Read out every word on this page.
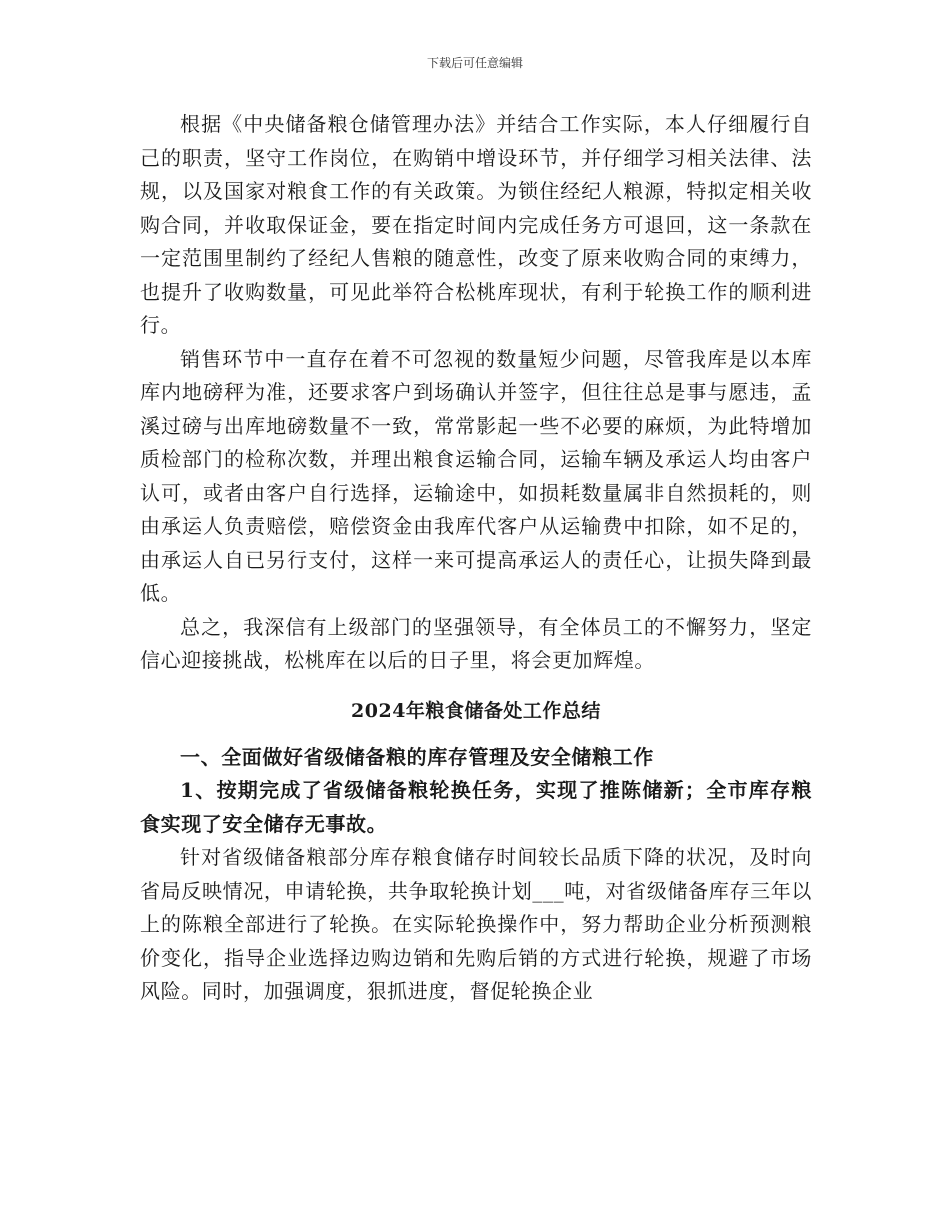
下载后可任意编辑

根据《中央储备粮仓储管理办法》并结合工作实际，本人仔细履行自己的职责，坚守工作岗位，在购销中增设环节，并仔细学习相关法律、法规，以及国家对粮食工作的有关政策。为锁住经纪人粮源，特拟定相关收购合同，并收取保证金，要在指定时间内完成任务方可退回，这一条款在一定范围里制约了经纪人售粮的随意性，改变了原来收购合同的束缚力，也提升了收购数量，可见此举符合松桃库现状，有利于轮换工作的顺利进行。

销售环节中一直存在着不可忽视的数量短少问题，尽管我库是以本库库内地磅秤为准，还要求客户到场确认并签字，但往往总是事与愿违，孟溪过磅与出库地磅数量不一致，常常影起一些不必要的麻烦，为此特增加质检部门的检称次数，并理出粮食运输合同，运输车辆及承运人均由客户认可，或者由客户自行选择，运输途中，如损耗数量属非自然损耗的，则由承运人负责赔偿，赔偿资金由我库代客户从运输费中扣除，如不足的，由承运人自已另行支付，这样一来可提高承运人的责任心，让损失降到最低。

总之，我深信有上级部门的坚强领导，有全体员工的不懈努力，坚定信心迎接挑战，松桃库在以后的日子里，将会更加辉煌。

2024年粮食储备处工作总结

一、全面做好省级储备粮的库存管理及安全储粮工作

1、按期完成了省级储备粮轮换任务，实现了推陈储新；全市库存粮食实现了安全储存无事故。

针对省级储备粮部分库存粮食储存时间较长品质下降的状况，及时向省局反映情况，申请轮换，共争取轮换计划___吨，对省级储备库存三年以上的陈粮全部进行了轮换。在实际轮换操作中，努力帮助企业分析预测粮价变化，指导企业选择边购边销和先购后销的方式进行轮换，规避了市场风险。同时，加强调度，狠抓进度，督促轮换企业
